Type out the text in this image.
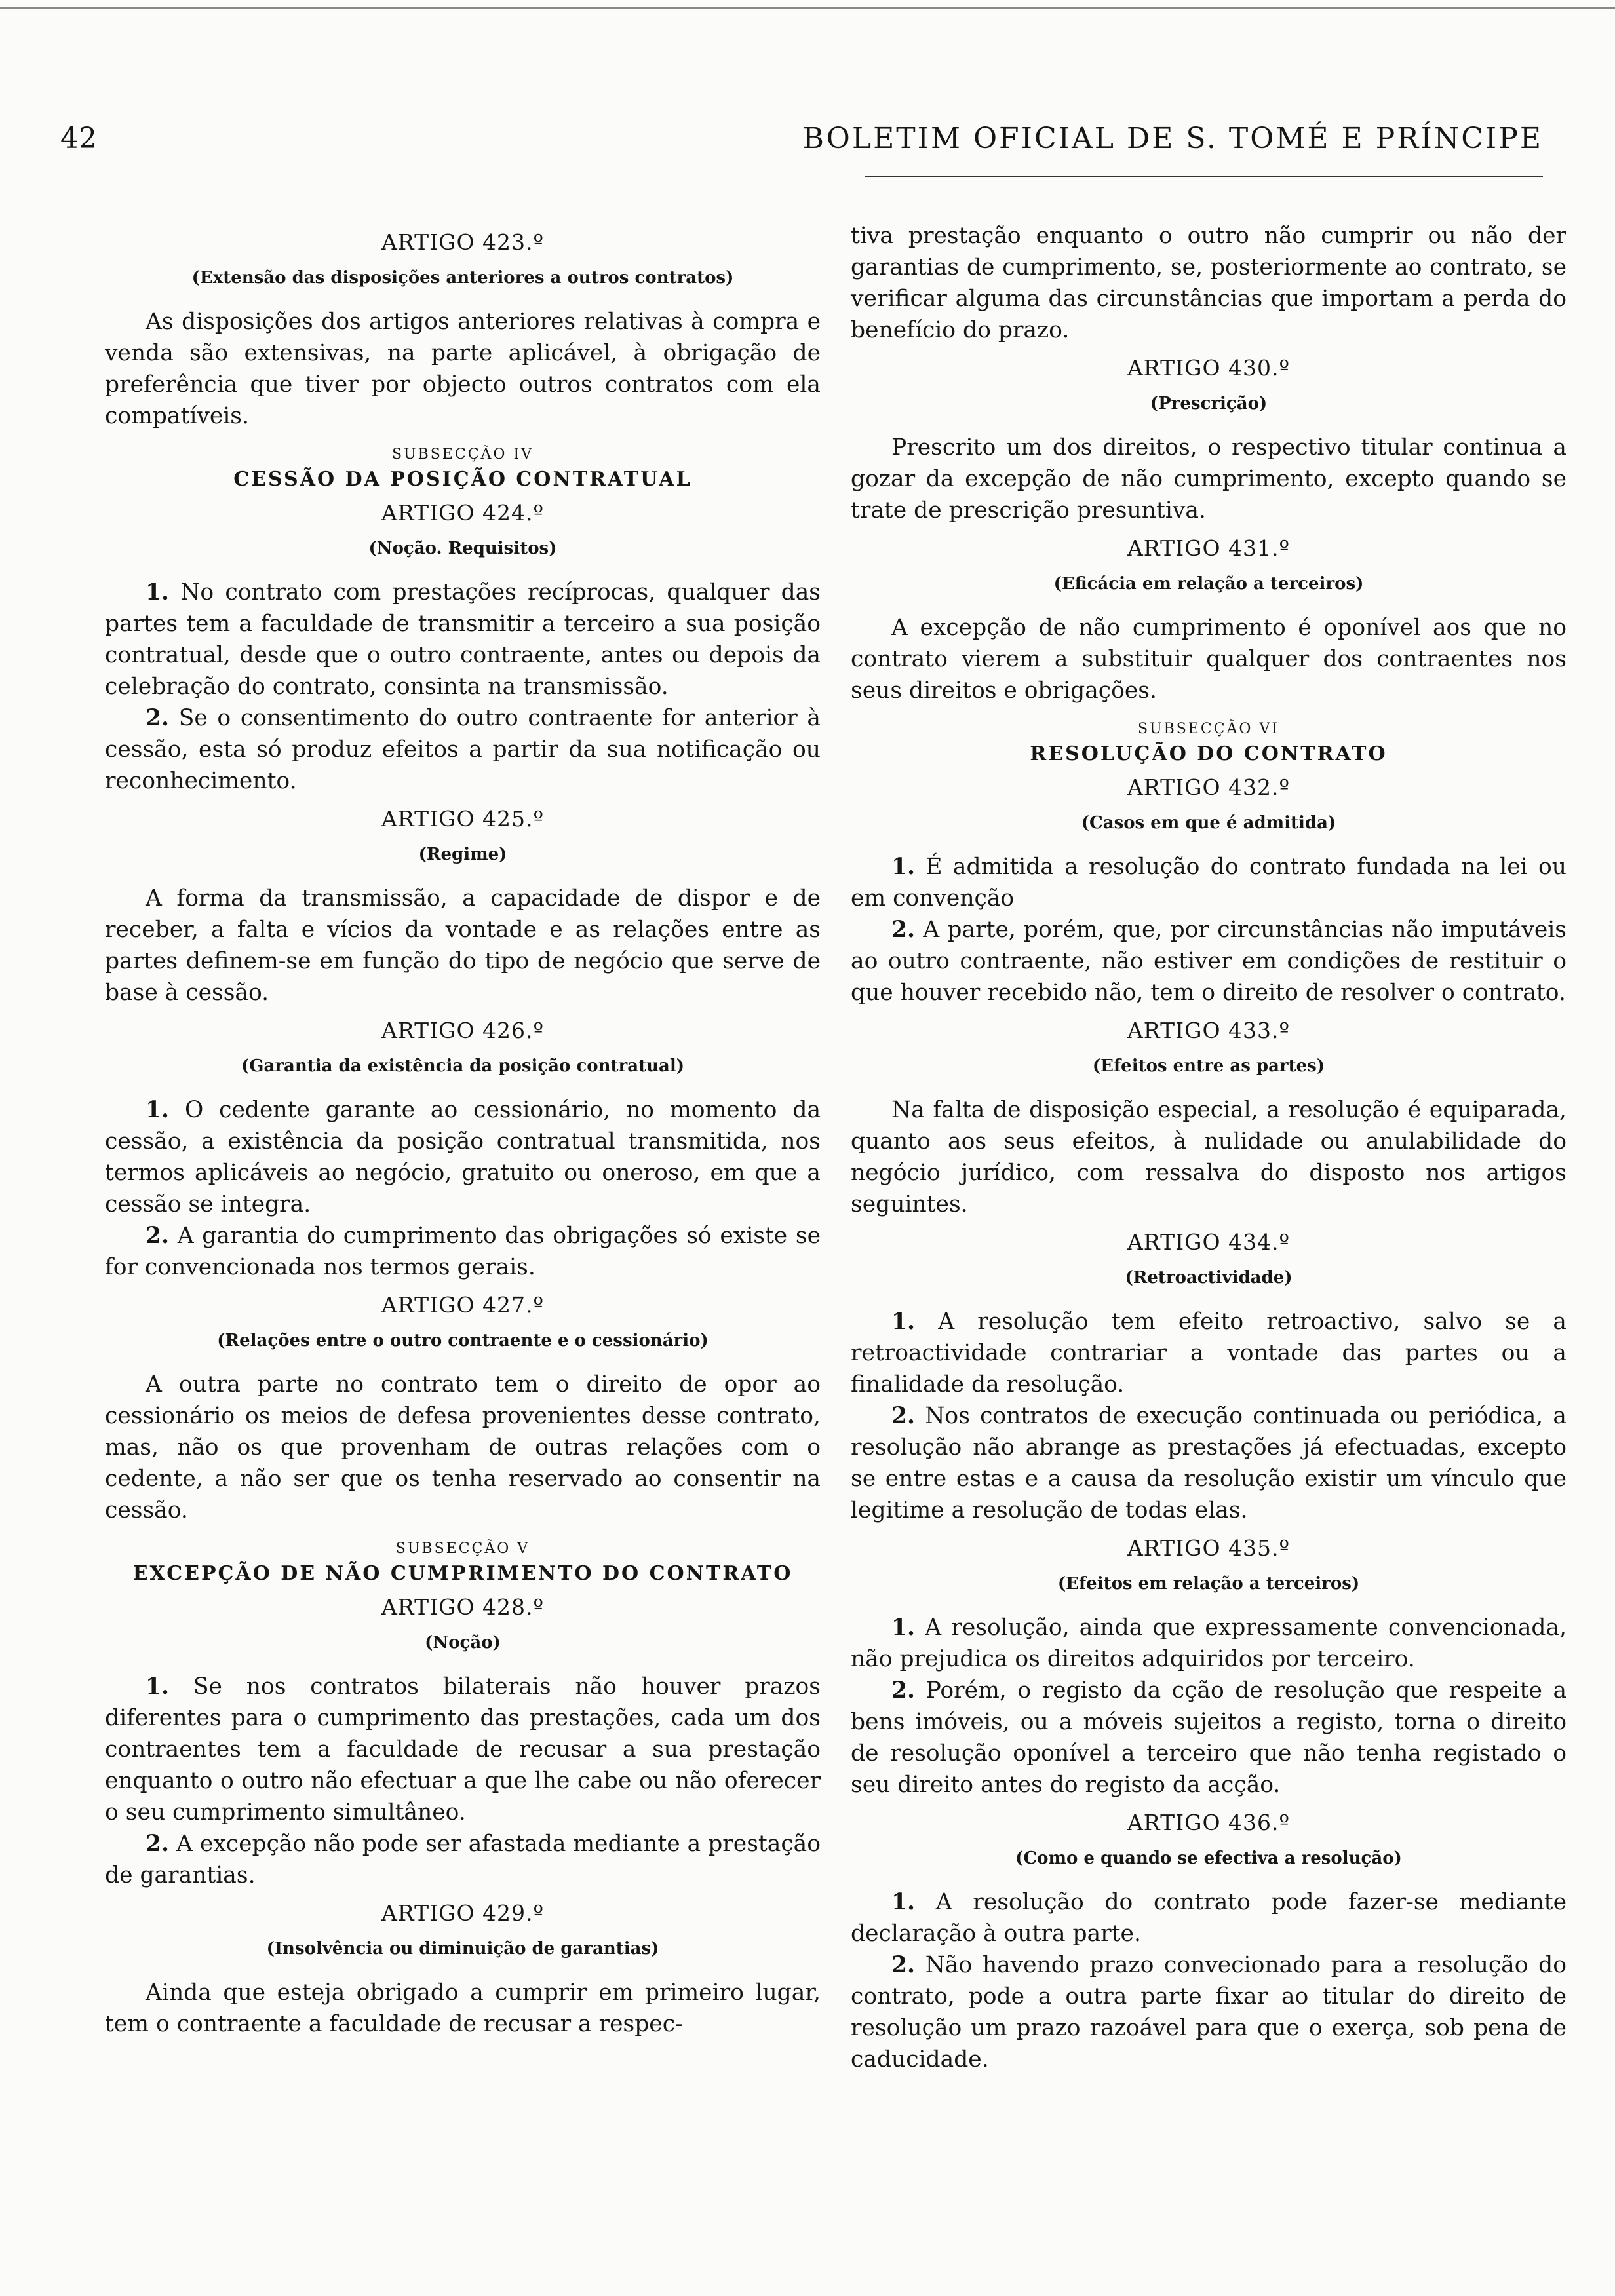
42	BOLETIM OFICIAL DE S. TOMÉ E PRÍNCIPE
ARTIGO 423.º
(Extensão das disposições anteriores a outros contratos)

As disposições dos artigos anteriores relativas à compra e venda são extensivas, na parte aplicável, à obrigação de preferência que tiver por objecto outros contratos com ela compatíveis.

SUBSECÇÃO IV
CESSÃO DA POSIÇÃO CONTRATUAL
ARTIGO 424.º
(Noção. Requisitos)

1. No contrato com prestações recíprocas, qualquer das partes tem a faculdade de transmitir a terceiro a sua posição contratual, desde que o outro contraente, antes ou depois da celebração do contrato, consinta na transmissão.

2. Se o consentimento do outro contraente for anterior à cessão, esta só produz efeitos a partir da sua notificação ou reconhecimento.

ARTIGO 425.º
(Regime)

A forma da transmissão, a capacidade de dispor e de receber, a falta e vícios da vontade e as relações entre as partes definem-se em função do tipo de negócio que serve de base à cessão.

ARTIGO 426.º
(Garantia da existência da posição contratual)

1. O cedente garante ao cessionário, no momento da cessão, a existência da posição contratual transmitida, nos termos aplicáveis ao negócio, gratuito ou oneroso, em que a cessão se integra.

2. A garantia do cumprimento das obrigações só existe se for convencionada nos termos gerais.

ARTIGO 427.º
(Relações entre o outro contraente e o cessionário)

A outra parte no contrato tem o direito de opor ao cessionário os meios de defesa provenientes desse contrato, mas, não os que provenham de outras relações com o cedente, a não ser que os tenha reservado ao consentir na cessão.

SUBSECÇÃO V
EXCEPÇÃO DE NÃO CUMPRIMENTO DO CONTRATO
ARTIGO 428.º
(Noção)

1. Se nos contratos bilaterais não houver prazos diferentes para o cumprimento das prestações, cada um dos contraentes tem a faculdade de recusar a sua prestação enquanto o outro não efectuar a que lhe cabe ou não oferecer o seu cumprimento simultâneo.

2. A excepção não pode ser afastada mediante a prestação de garantias.

ARTIGO 429.º
(Insolvência ou diminuição de garantias)

Ainda que esteja obrigado a cumprir em primeiro lugar, tem o contraente a faculdade de recusar a respec-

tiva prestação enquanto o outro não cumprir ou não der garantias de cumprimento, se, posteriormente ao contrato, se verificar alguma das circunstâncias que importam a perda do benefício do prazo.

ARTIGO 430.º
(Prescrição)

Prescrito um dos direitos, o respectivo titular continua a gozar da excepção de não cumprimento, excepto quando se trate de prescrição presuntiva.

ARTIGO 431.º
(Eficácia em relação a terceiros)

A excepção de não cumprimento é oponível aos que no contrato vierem a substituir qualquer dos contraentes nos seus direitos e obrigações.

SUBSECÇÃO VI
RESOLUÇÃO DO CONTRATO
ARTIGO 432.º
(Casos em que é admitida)

1. É admitida a resolução do contrato fundada na lei ou em convenção

2. A parte, porém, que, por circunstâncias não imputáveis ao outro contraente, não estiver em condições de restituir o que houver recebido não, tem o direito de resolver o contrato.

ARTIGO 433.º
(Efeitos entre as partes)

Na falta de disposição especial, a resolução é equiparada, quanto aos seus efeitos, à nulidade ou anulabilidade do negócio jurídico, com ressalva do disposto nos artigos seguintes.

ARTIGO 434.º
(Retroactividade)

1. A resolução tem efeito retroactivo, salvo se a retroactividade contrariar a vontade das partes ou a finalidade da resolução.

2. Nos contratos de execução continuada ou periódica, a resolução não abrange as prestações já efectuadas, excepto se entre estas e a causa da resolução existir um vínculo que legitime a resolução de todas elas.

ARTIGO 435.º
(Efeitos em relação a terceiros)

1. A resolução, ainda que expressamente convencionada, não prejudica os direitos adquiridos por terceiro.

2. Porém, o registo da cção de resolução que respeite a bens imóveis, ou a móveis sujeitos a registo, torna o direito de resolução oponível a terceiro que não tenha registado o seu direito antes do registo da acção.

ARTIGO 436.º
(Como e quando se efectiva a resolução)

1. A resolução do contrato pode fazer-se mediante declaração à outra parte.

2. Não havendo prazo convecionado para a resolução do contrato, pode a outra parte fixar ao titular do direito de resolução um prazo razoável para que o exerça, sob pena de caducidade.
